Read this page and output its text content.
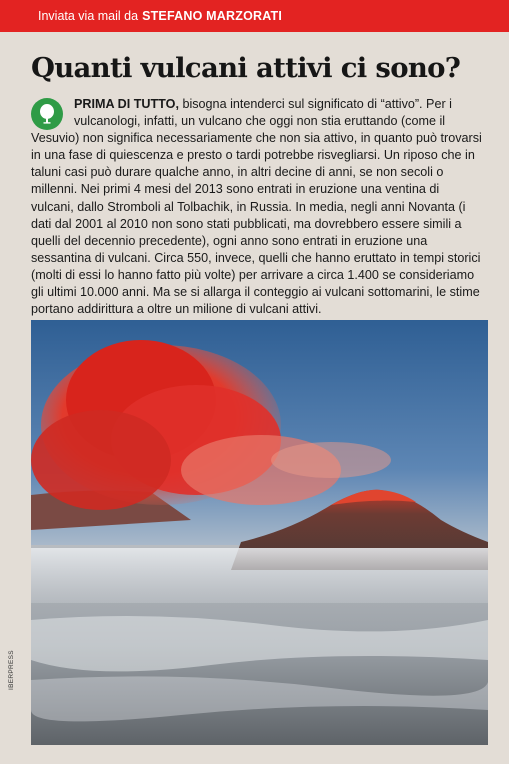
Inviata via mail da STEFANO MARZORATI
Quanti vulcani attivi ci sono?

PRIMA DI TUTTO, bisogna intenderci sul significato di “attivo”. Per i vulcanologi, infatti, un vulcano che oggi non stia eruttando (come il Vesuvio) non significa necessariamente che non sia attivo, in quanto può trovarsi in una fase di quiescenza e presto o tardi potrebbe risvegliarsi. Un riposo che in taluni casi può durare qualche anno, in altri decine di anni, se non secoli o millenni. Nei primi 4 mesi del 2013 sono entrati in eruzione una ventina di vulcani, dallo Stromboli al Tolbachik, in Russia. In media, negli anni Novanta (i dati dal 2001 al 2010 non sono stati pubblicati, ma dovrebbero essere simili a quelli del decennio precedente), ogni anno sono entrati in eruzione una sessantina di vulcani. Circa 550, invece, quelli che hanno eruttato in tempi storici (molti di essi lo hanno fatto più volte) per arrivare a circa 1.400 se consideriamo gli ultimi 10.000 anni. Ma se si allarga il conteggio ai vulcani sottomarini, le stime portano addirittura a oltre un milione di vulcani attivi.

IBERPRESS
